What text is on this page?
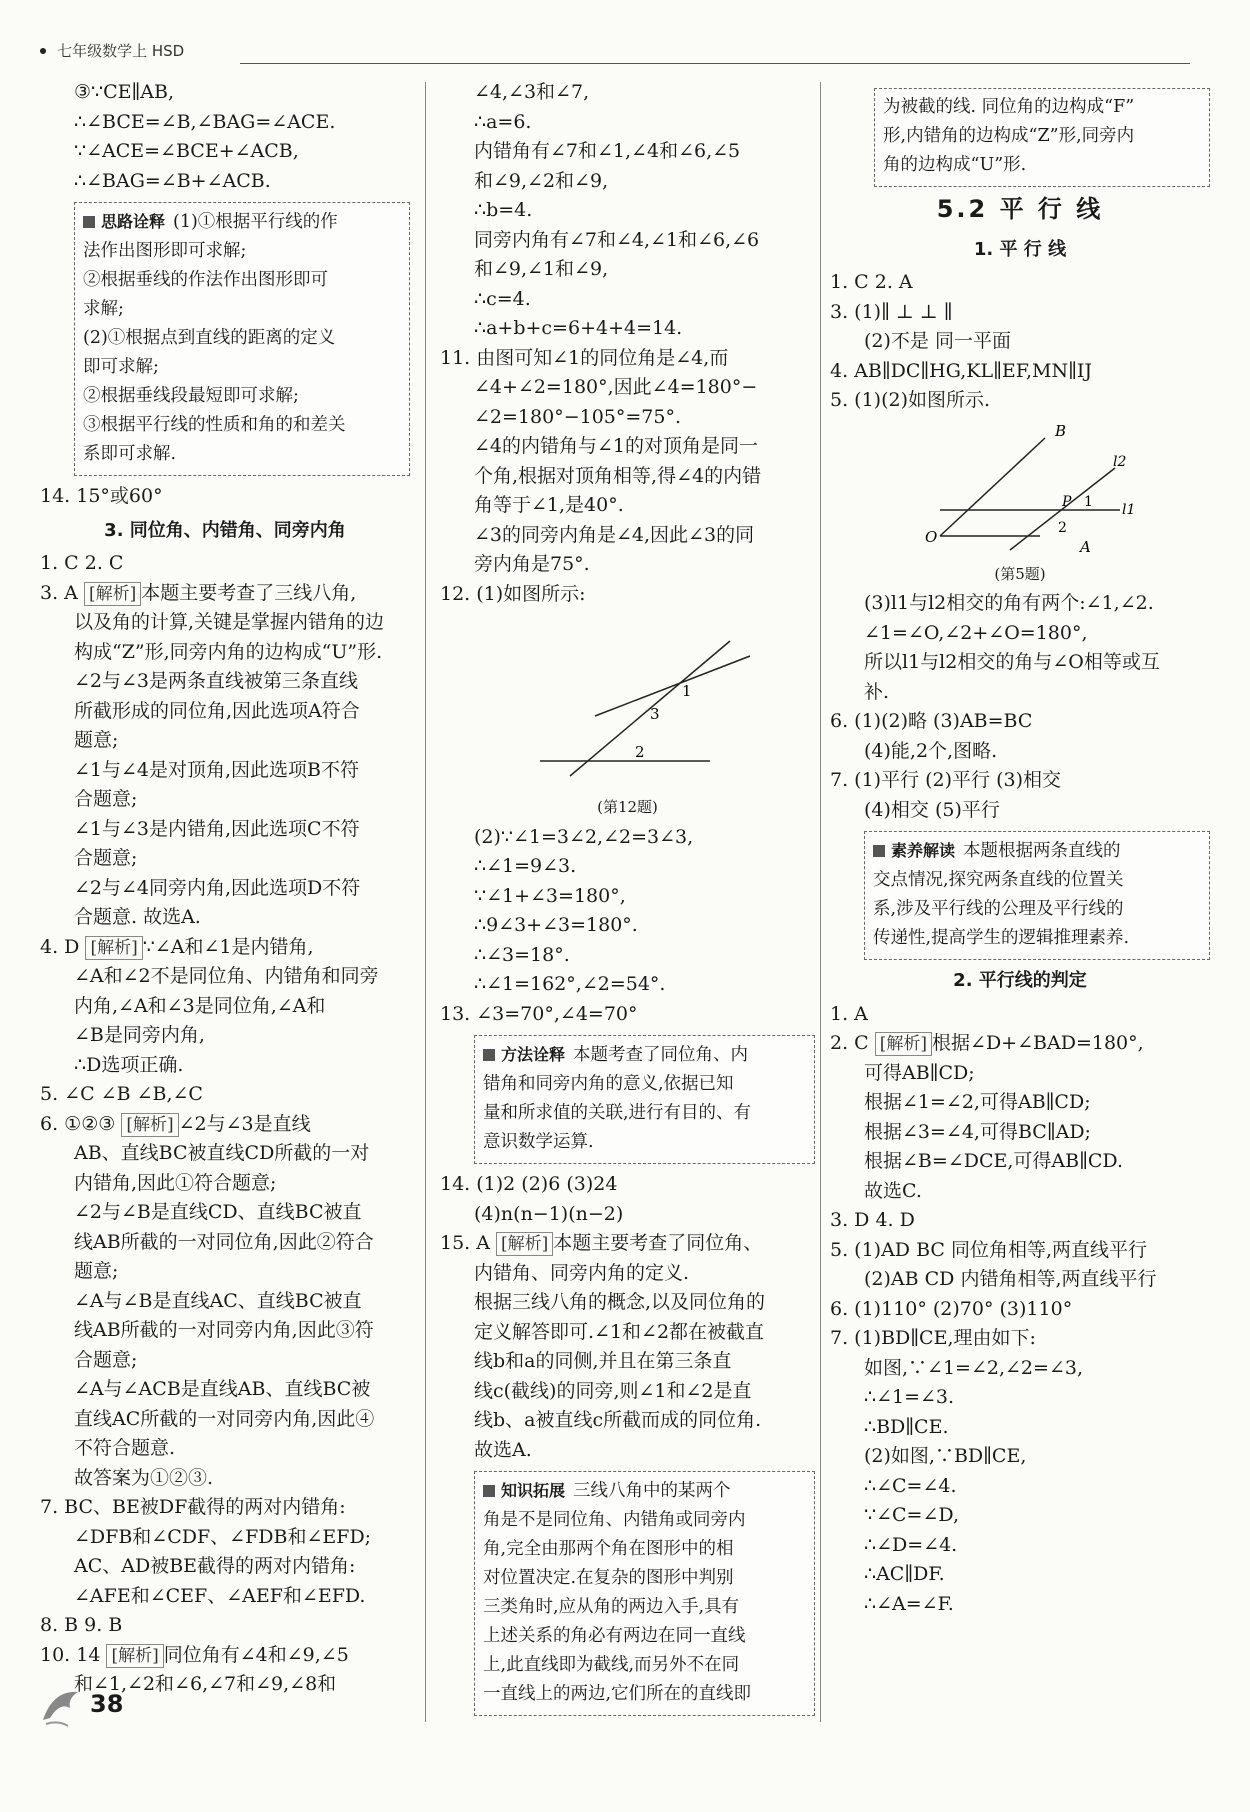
七年级数学上 HSD
③∵CE∥AB,
∴∠BCE=∠B,∠BAG=∠ACE.
∵∠ACE=∠BCE+∠ACB,
∴∠BAG=∠B+∠ACB.
思路诠释 (1)①根据平行线的作
法作出图形即可求解;
②根据垂线的作法作出图形即可
求解;
(2)①根据点到直线的距离的定义
即可求解;
②根据垂线段最短即可求解;
③根据平行线的性质和角的和差关
系即可求解.
14. 15°或60°
3. 同位角、内错角、同旁内角
1. C 2. C
3. A [解析] 本题主要考查了三线八角,
以及角的计算,关键是掌握内错角的边
构成“Z”形,同旁内角的边构成“U”形.
∠2与∠3是两条直线被第三条直线
所截形成的同位角,因此选项A符合
题意;
∠1与∠4是对顶角,因此选项B不符
合题意;
∠1与∠3是内错角,因此选项C不符
合题意;
∠2与∠4同旁内角,因此选项D不符
合题意. 故选A.
4. D [解析] ∵∠A和∠1是内错角,
∠A和∠2不是同位角、内错角和同旁
内角,∠A和∠3是同位角,∠A和
∠B是同旁内角,
∴D选项正确.
5. ∠C ∠B ∠B,∠C
6. ①②③ [解析] ∠2与∠3是直线
AB、直线BC被直线CD所截的一对
内错角,因此①符合题意;
∠2与∠B是直线CD、直线BC被直
线AB所截的一对同位角,因此②符合
题意;
∠A与∠B是直线AC、直线BC被直
线AB所截的一对同旁内角,因此③符
合题意;
∠A与∠ACB是直线AB、直线BC被
直线AC所截的一对同旁内角,因此④
不符合题意.
故答案为①②③.
7. BC、BE被DF截得的两对内错角:
∠DFB和∠CDF、∠FDB和∠EFD;
AC、AD被BE截得的两对内错角:
∠AFE和∠CEF、∠AEF和∠EFD.
8. B 9. B
10. 14 [解析] 同位角有∠4和∠9,∠5
和∠1,∠2和∠6,∠7和∠9,∠8和
∠4,∠3和∠7,
∴a=6.
内错角有∠7和∠1,∠4和∠6,∠5
和∠9,∠2和∠9,
∴b=4.
同旁内角有∠7和∠4,∠1和∠6,∠6
和∠9,∠1和∠9,
∴c=4.
∴a+b+c=6+4+4=14.
11. 由图可知∠1的同位角是∠4,而
∠4+∠2=180°,因此∠4=180°−
∠2=180°−105°=75°.
∠4的内错角与∠1的对顶角是同一
个角,根据对顶角相等,得∠4的内错
角等于∠1,是40°.
∠3的同旁内角是∠4,因此∠3的同
旁内角是75°.
12. (1)如图所示:
1
3
2
(第12题)
(2)∵∠1=3∠2,∠2=3∠3,
∴∠1=9∠3.
∵∠1+∠3=180°,
∴9∠3+∠3=180°.
∴∠3=18°.
∴∠1=162°,∠2=54°.
13. ∠3=70°,∠4=70°
方法诠释 本题考查了同位角、内
错角和同旁内角的意义,依据已知
量和所求值的关联,进行有目的、有
意识数学运算.
14. (1)2 (2)6 (3)24
(4)n(n−1)(n−2)
15. A [解析] 本题主要考查了同位角、
内错角、同旁内角的定义.
根据三线八角的概念,以及同位角的
定义解答即可.∠1和∠2都在被截直
线b和a的同侧,并且在第三条直
线c(截线)的同旁,则∠1和∠2是直
线b、a被直线c所截而成的同位角.
故选A.
知识拓展 三线八角中的某两个
角是不是同位角、内错角或同旁内
角,完全由那两个角在图形中的相
对位置决定.在复杂的图形中判别
三类角时,应从角的两边入手,具有
上述关系的角必有两边在同一直线
上,此直线即为截线,而另外不在同
一直线上的两边,它们所在的直线即
为被截的线. 同位角的边构成“F”
形,内错角的边构成“Z”形,同旁内
角的边构成“U”形.
5.2 平 行 线
1. 平 行 线
1. C 2. A
3. (1)∥ ⊥ ⊥ ∥
(2)不是 同一平面
4. AB∥DC∥HG,KL∥EF,MN∥IJ
5. (1)(2)如图所示.
B
l2
P 1 l1
2
O
A
(第5题)
(3)l1与l2相交的角有两个:∠1,∠2.
∠1=∠O,∠2+∠O=180°,
所以l1与l2相交的角与∠O相等或互
补.
6. (1)(2)略 (3)AB=BC
(4)能,2个,图略.
7. (1)平行 (2)平行 (3)相交
(4)相交 (5)平行
素养解读 本题根据两条直线的
交点情况,探究两条直线的位置关
系,涉及平行线的公理及平行线的
传递性,提高学生的逻辑推理素养.
2. 平行线的判定
1. A
2. C [解析] 根据∠D+∠BAD=180°,
可得AB∥CD;
根据∠1=∠2,可得AB∥CD;
根据∠3=∠4,可得BC∥AD;
根据∠B=∠DCE,可得AB∥CD.
故选C.
3. D 4. D
5. (1)AD BC 同位角相等,两直线平行
(2)AB CD 内错角相等,两直线平行
6. (1)110° (2)70° (3)110°
7. (1)BD∥CE,理由如下:
如图,∵∠1=∠2,∠2=∠3,
∴∠1=∠3.
∴BD∥CE.
(2)如图,∵BD∥CE,
∴∠C=∠4.
∵∠C=∠D,
∴∠D=∠4.
∴AC∥DF.
∴∠A=∠F.
38
